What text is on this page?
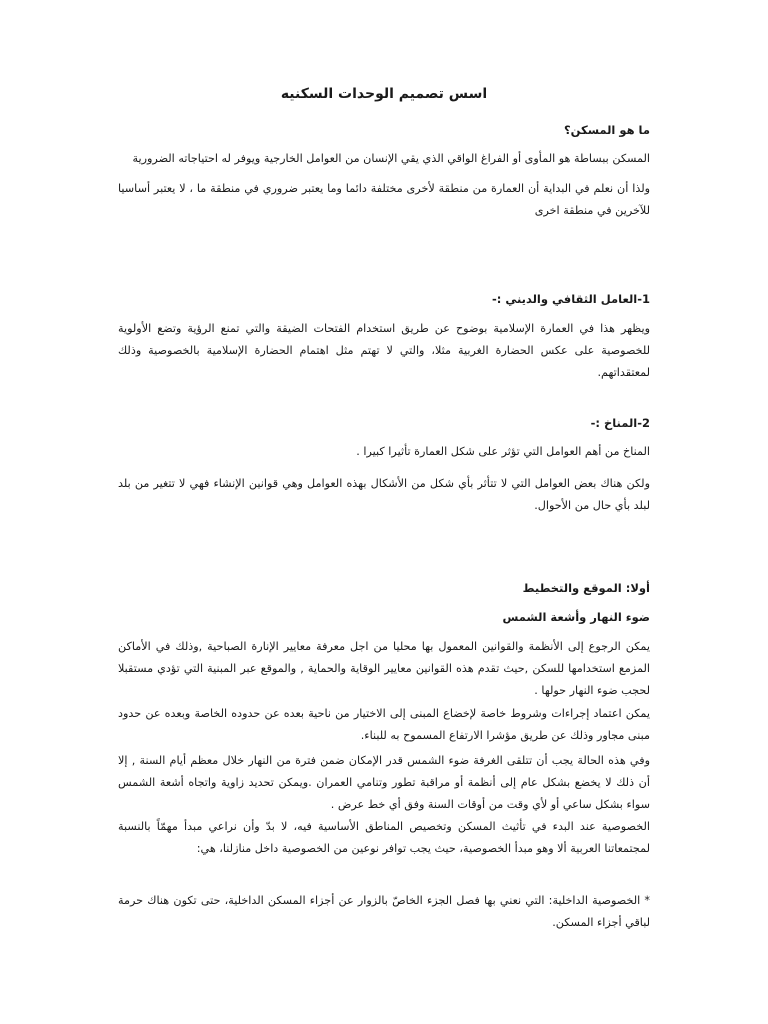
اسس تصميم الوحدات السكنيه
ما هو المسكن؟
المسكن ببساطة هو المأوى أو الفراغ الواقي الذي يقي الإنسان من العوامل الخارجية ويوفر له احتياجاته الضرورية
ولذا أن نعلم في البداية أن العمارة من منطقة لأخرى مختلفة دائما وما يعتبر ضروري في منطقة ما ، لا يعتبر أساسيا للآخرين في منطقة اخرى
1-العامل الثقافي والديني :-
ويظهر هذا في العمارة الإسلامية بوضوح عن طريق استخدام الفتحات الضيقة والتي تمنع الرؤية وتضع الأولوية للخصوصية على عكس الحضارة الغربية مثلا، والتي لا تهتم مثل اهتمام الحضارة الإسلامية بالخصوصية وذلك لمعتقداتهم.
2-المناخ :-
المناخ من أهم العوامل التي تؤثر على شكل العمارة تأثيرا كبيرا .
ولكن هناك بعض العوامل التي لا تتأثر بأي شكل من الأشكال بهذه العوامل وهي قوانين الإنشاء فهي لا تتغير من بلد لبلد بأي حال من الأحوال.
أولا: الموقع والتخطيط
ضوء النهار وأشعة الشمس
يمكن الرجوع إلى الأنظمة والقوانين المعمول بها محليا من اجل معرفة معايير الإنارة الصباحية ,وذلك في الأماكن المزمع استخدامها للسكن ,حيث تقدم هذه القوانين معايير الوقاية والحماية , والموقع عبر المبنية التي تؤدي مستقبلا لحجب ضوء النهار حولها .
يمكن اعتماد إجراءات وشروط خاصة لإخضاع المبنى إلى الاختيار من ناحية بعده عن حدوده الخاصة وبعده عن حدود مبنى مجاور وذلك عن طريق مؤشرا الارتفاع المسموح به للبناء.
وفي هذه الحالة يجب أن تتلقى الغرفة ضوء الشمس قدر الإمكان ضمن فترة من النهار خلال معظم أيام السنة , إلا أن ذلك لا يخضع بشكل عام إلى أنظمة أو مراقبة تطور وتنامي العمران .ويمكن تحديد زاوية واتجاه أشعة الشمس سواء بشكل ساعي أو لأي وقت من أوقات السنة وفق أي خط عرض .
الخصوصية عند البدء في تأثيث المسكن وتخصيص المناطق الأساسية فيه، لا بدّ وأن نراعي مبدأ مهمّاً بالنسبة لمجتمعاتنا العربية ألا وهو مبدأ الخصوصية، حيث يجب توافر نوعين من الخصوصية داخل منازلنا، هي:
* الخصوصية الداخلية: التي نعني بها فصل الجزء الخاصّ بالزوار عن أجزاء المسكن الداخلية، حتى تكون هناك حرمة لباقي أجزاء المسكن.
